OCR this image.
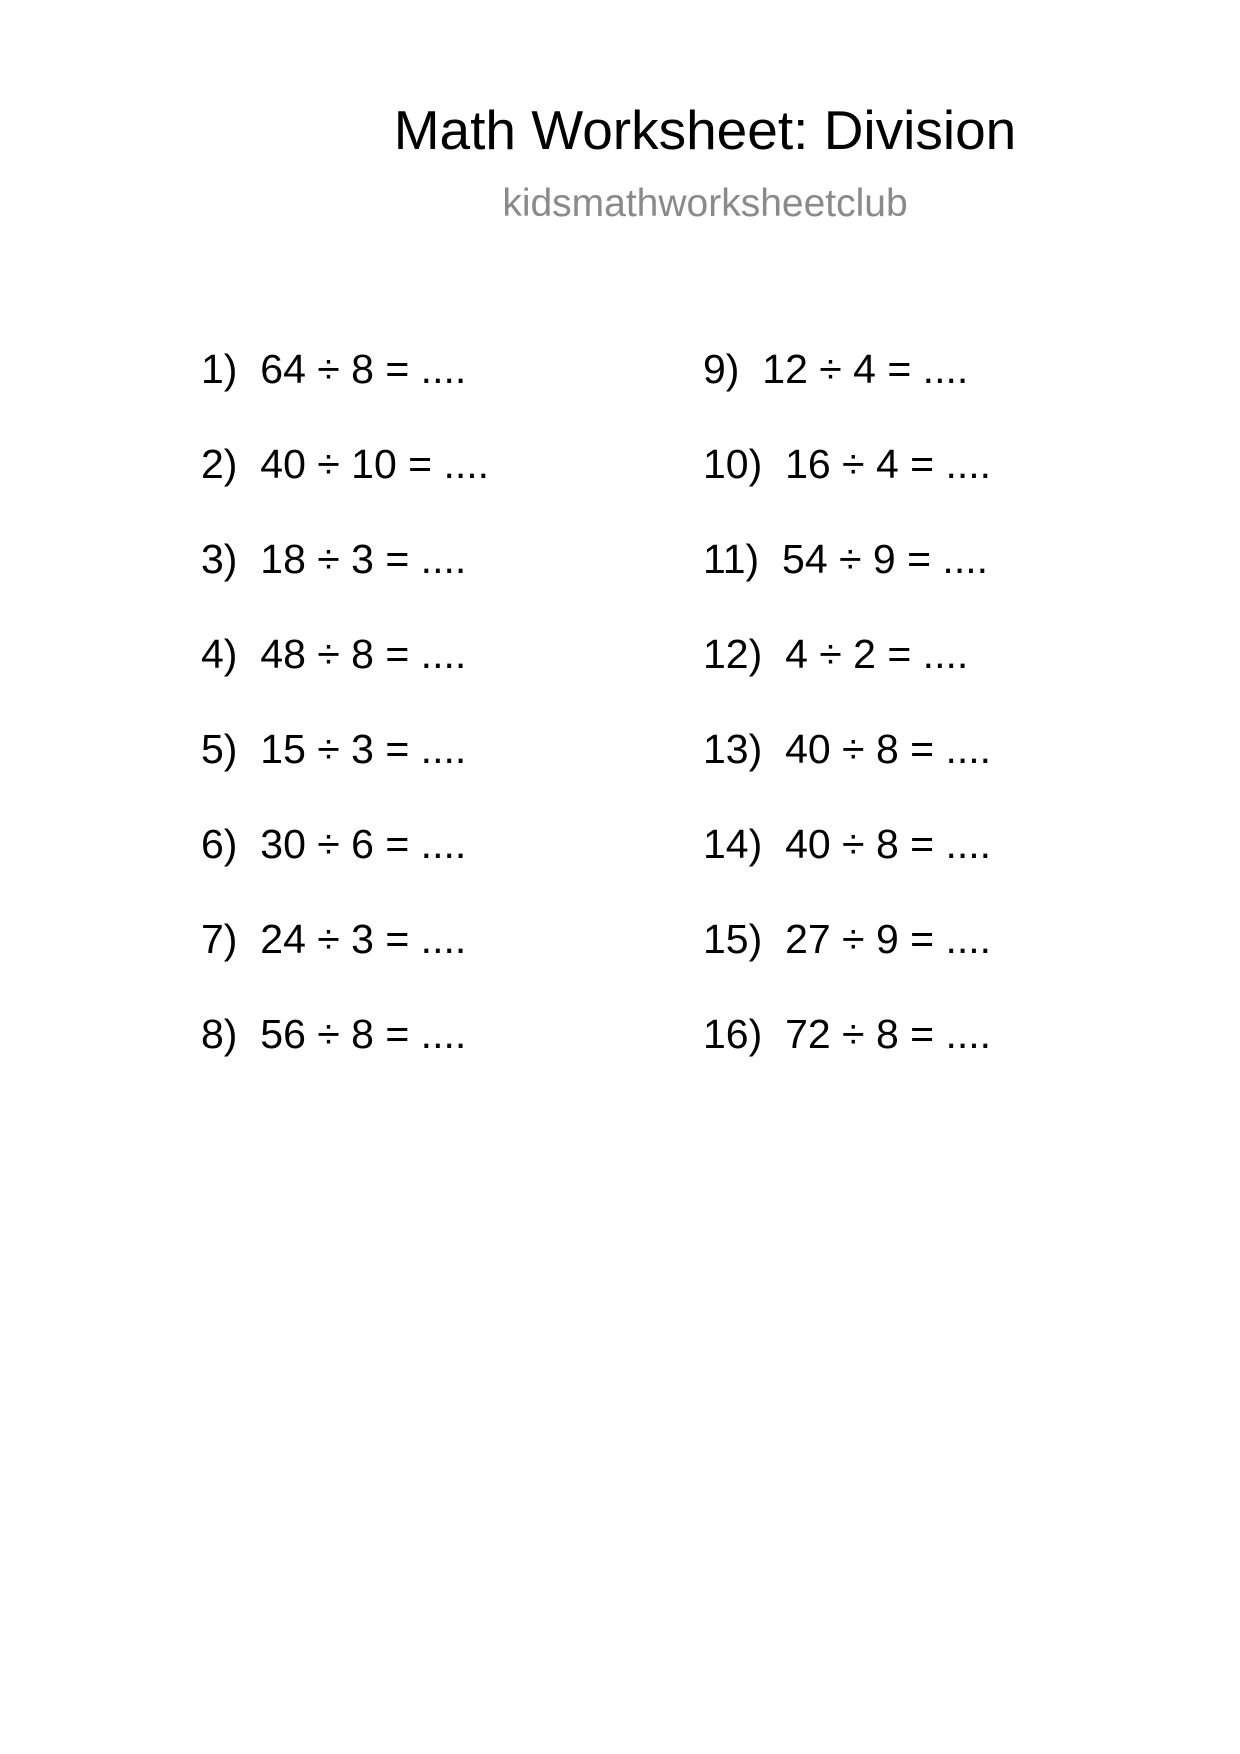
Math Worksheet: Division
kidsmathworksheetclub
1) 64 ÷ 8 = ....
2) 40 ÷ 10 = ....
3) 18 ÷ 3 = ....
4) 48 ÷ 8 = ....
5) 15 ÷ 3 = ....
6) 30 ÷ 6 = ....
7) 24 ÷ 3 = ....
8) 56 ÷ 8 = ....
9) 12 ÷ 4 = ....
10) 16 ÷ 4 = ....
11) 54 ÷ 9 = ....
12) 4 ÷ 2 = ....
13) 40 ÷ 8 = ....
14) 40 ÷ 8 = ....
15) 27 ÷ 9 = ....
16) 72 ÷ 8 = ....
